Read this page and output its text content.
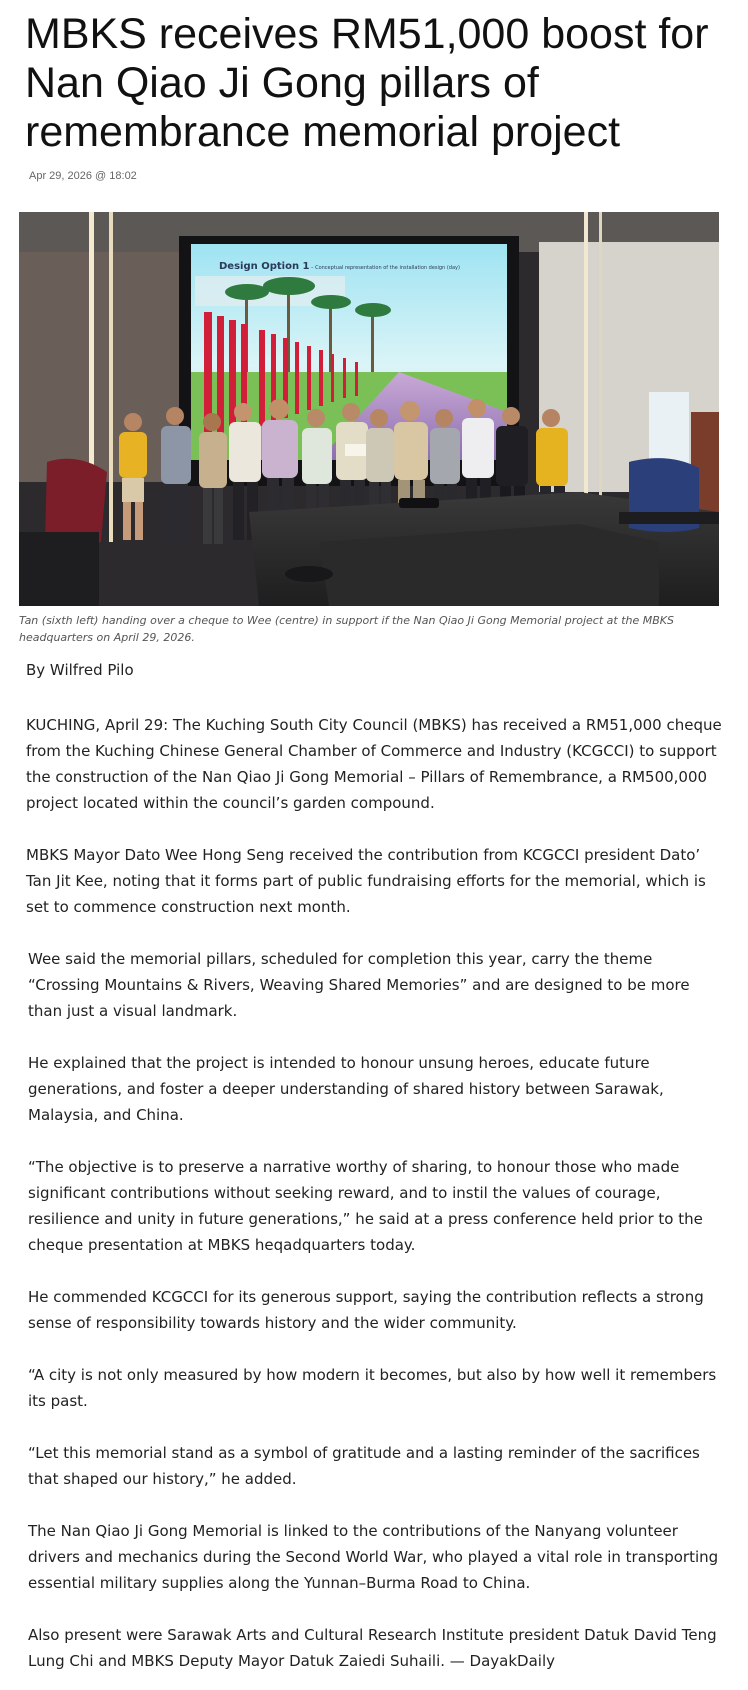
MBKS receives RM51,000 boost for Nan Qiao Ji Gong pillars of remembrance memorial project

Apr 29, 2026 @ 18:02

Design Option 1 – Conceptual representation of the installation design (day)

Tan (sixth left) handing over a cheque to Wee (centre) in support if the Nan Qiao Ji Gong Memorial project at the MBKS headquarters on April 29, 2026.

By Wilfred Pilo

KUCHING, April 29: The Kuching South City Council (MBKS) has received a RM51,000 cheque from the Kuching Chinese General Chamber of Commerce and Industry (KCGCCI) to support the construction of the Nan Qiao Ji Gong Memorial – Pillars of Remembrance, a RM500,000 project located within the council’s garden compound.

MBKS Mayor Dato Wee Hong Seng received the contribution from KCGCCI president Dato’ Tan Jit Kee, noting that it forms part of public fundraising efforts for the memorial, which is set to commence construction next month.

Wee said the memorial pillars, scheduled for completion this year, carry the theme “Crossing Mountains & Rivers, Weaving Shared Memories” and are designed to be more than just a visual landmark.

He explained that the project is intended to honour unsung heroes, educate future generations, and foster a deeper understanding of shared history between Sarawak, Malaysia, and China.

“The objective is to preserve a narrative worthy of sharing, to honour those who made significant contributions without seeking reward, and to instil the values of courage, resilience and unity in future generations,” he said at a press conference held prior to the cheque presentation at MBKS heqadquarters today.

He commended KCGCCI for its generous support, saying the contribution reflects a strong sense of responsibility towards history and the wider community.

“A city is not only measured by how modern it becomes, but also by how well it remembers its past.

“Let this memorial stand as a symbol of gratitude and a lasting reminder of the sacrifices that shaped our history,” he added.

The Nan Qiao Ji Gong Memorial is linked to the contributions of the Nanyang volunteer drivers and mechanics during the Second World War, who played a vital role in transporting essential military supplies along the Yunnan–Burma Road to China.

Also present were Sarawak Arts and Cultural Research Institute president Datuk David Teng Lung Chi and MBKS Deputy Mayor Datuk Zaiedi Suhaili. — DayakDaily
